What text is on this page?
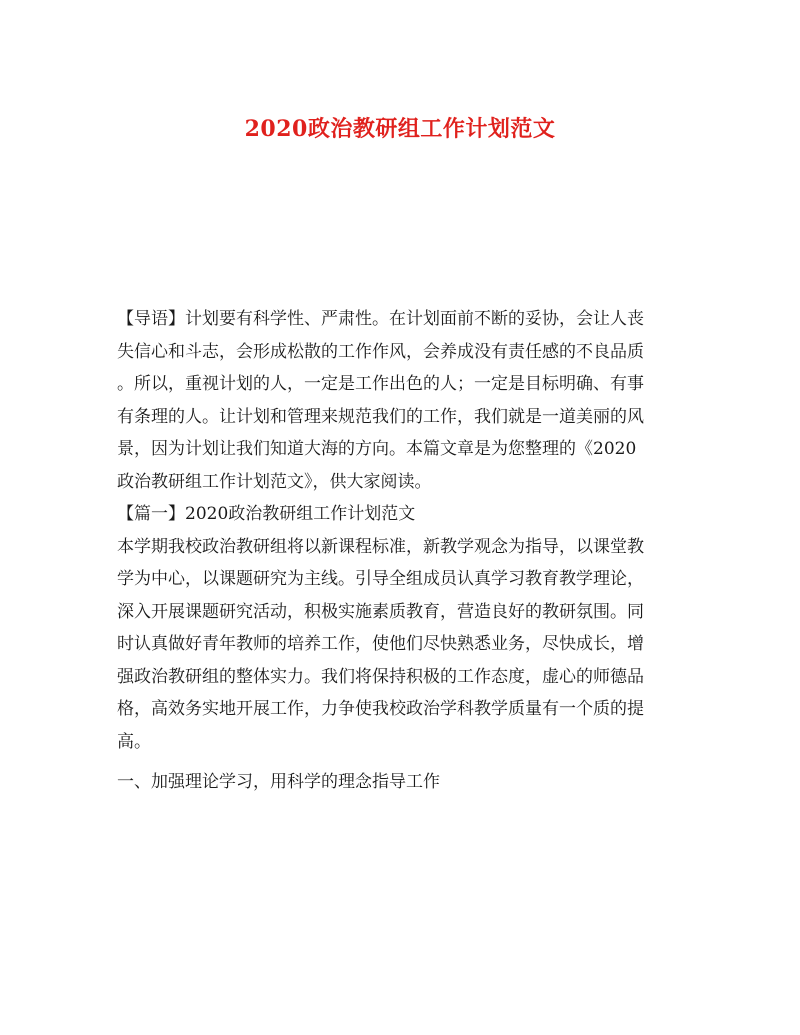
2020政治教研组工作计划范文
【导语】计划要有科学性、严肃性。在计划面前不断的妥协，会让人丧
失信心和斗志，会形成松散的工作作风，会养成没有责任感的不良品质
。所以，重视计划的人，一定是工作出色的人；一定是目标明确、有事
有条理的人。让计划和管理来规范我们的工作，我们就是一道美丽的风
景，因为计划让我们知道大海的方向。本篇文章是为您整理的《2020
政治教研组工作计划范文》，供大家阅读。
【篇一】2020政治教研组工作计划范文
本学期我校政治教研组将以新课程标准，新教学观念为指导，以课堂教
学为中心，以课题研究为主线。引导全组成员认真学习教育教学理论，
深入开展课题研究活动，积极实施素质教育，营造良好的教研氛围。同
时认真做好青年教师的培养工作，使他们尽快熟悉业务，尽快成长，增
强政治教研组的整体实力。我们将保持积极的工作态度，虚心的师德品
格，高效务实地开展工作，力争使我校政治学科教学质量有一个质的提
高。
一、加强理论学习，用科学的理念指导工作
